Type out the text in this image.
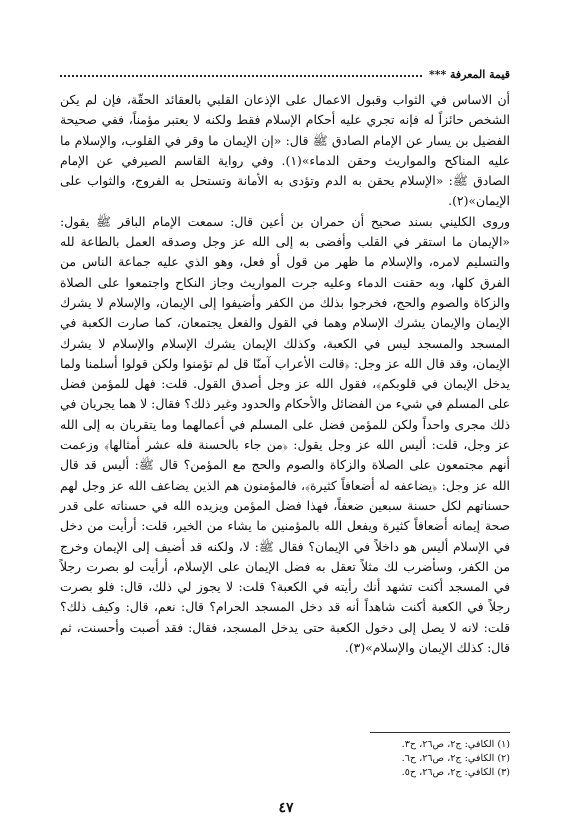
قيمة المعرفة ***

أن الاساس في الثواب وقبول الاعمال على الإذعان القلبي بالعقائد الحقّة، فإن لم يكن الشخص حائزاً له فإنه تجري عليه أحكام الإسلام فقط ولكنه لا يعتبر مؤمناً، ففي صحيحة الفضيل بن يسار عن الإمام الصادق ﷺ قال: «إن الإيمان ما وقر في القلوب، والإسلام ما عليه المناكح والمواريث وحقن الدماء»(١). وفي رواية القاسم الصيرفي عن الإمام الصادق ﷺ: «الإسلام يحقن به الدم وتؤدى به الأمانة وتستحل به الفروج، والثواب على الإيمان»(٢).

وروى الكليني بسند صحيح أن حمران بن أعين قال: سمعت الإمام الباقر ﷺ يقول: «الإيمان ما استقر في القلب وأفضى به إلى الله عز وجل وصدقه العمل بالطاعة لله والتسليم لامره، والإسلام ما ظهر من قول أو فعل، وهو الذي عليه جماعة الناس من الفرق كلها، وبه حقنت الدماء وعليه جرت المواريث وجاز النكاح واجتمعوا على الصلاة والزكاة والصوم والحج، فخرجوا بذلك من الكفر وأضيفوا إلى الإيمان، والإسلام لا يشرك الإيمان والإيمان يشرك الإسلام وهما في القول والفعل يجتمعان، كما صارت الكعبة في المسجد والمسجد ليس في الكعبة، وكذلك الإيمان يشرك الإسلام والإسلام لا يشرك الإيمان، وقد قال الله عز وجل: ﴿قالت الأعراب آمنّا قل لم تؤمنوا ولكن قولوا أسلمنا ولما يدخل الإيمان في قلوبكم﴾، فقول الله عز وجل أصدق القول. قلت: فهل للمؤمن فضل على المسلم في شيء من الفضائل والأحكام والحدود وغير ذلك؟ فقال: لا هما يجريان في ذلك مجرى واحداً ولكن للمؤمن فضل على المسلم في أعمالهما وما يتقربان به إلى الله عز وجل، قلت: أليس الله عز وجل يقول: ﴿من جاء بالحسنة فله عشر أمثالها﴾ وزعمت أنهم مجتمعون على الصلاة والزكاة والصوم والحج مع المؤمن؟ قال ﷺ: أليس قد قال الله عز وجل: ﴿يضاعفه له أضعافاً كثيرة﴾، فالمؤمنون هم الذين يضاعف الله عز وجل لهم حسناتهم لكل حسنة سبعين ضعفاً، فهذا فضل المؤمن ويزيده الله في حسناته على قدر صحة إيمانه أضعافاً كثيرة ويفعل الله بالمؤمنين ما يشاء من الخير، قلت: أرأيت من دخل في الإسلام أليس هو داخلاً في الإيمان؟ فقال ﷺ: لا، ولكنه قد أضيف إلى الإيمان وخرج من الكفر، وسأضرب لك مثلاً تعقل به فضل الإيمان على الإسلام، أرأيت لو بصرت رجلاً في المسجد أكنت تشهد أنك رأيته في الكعبة؟ قلت: لا يجوز لي ذلك، قال: فلو بصرت رجلاً في الكعبة أكنت شاهداً أنه قد دخل المسجد الحرام؟ قال: نعم، قال: وكيف ذلك؟ قلت: لانه لا يصل إلى دخول الكعبة حتى يدخل المسجد، فقال: فقد أصبت وأحسنت، ثم قال: كذلك الإيمان والإسلام»(٣).

(١) الكافي: ج٢، ص٢٦، ح٣.
(٢) الكافي: ج٢، ص٢٦، ح٦.
(٣) الكافي: ج٢، ص٢٦، ح٥.
٤٧
